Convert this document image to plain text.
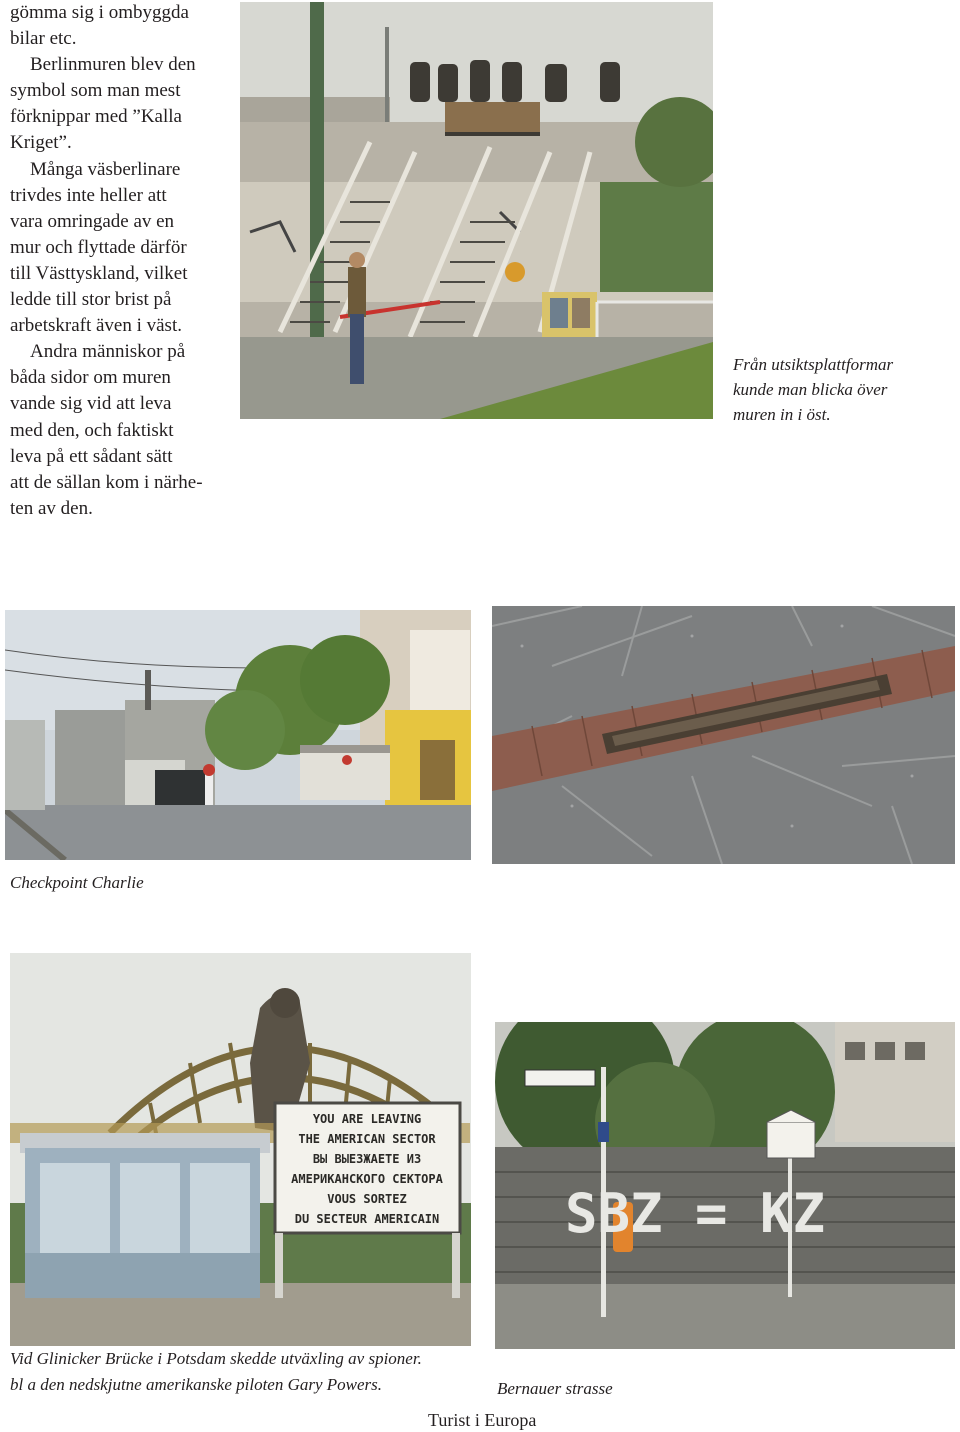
gömma sig i ombyggda

bilar etc.

Berlinmuren blev den

symbol som man mest

förknippar med ”Kalla

Kriget”.

Många väsberlinare

trivdes inte heller att

vara omringade av en

mur och flyttade därför

till Västtyskland, vilket

ledde till stor brist på

arbetskraft även i väst.

Andra människor på

båda sidor om muren

vande sig vid att leva

med den, och faktiskt

leva på ett sådant sätt

att de sällan kom i närhe-

ten av den.

Från utsiktsplattformar
kunde man blicka över
muren in i öst.
Checkpoint Charlie
YOU ARE LEAVING
THE AMERICAN SECTOR
ВЫ ВЫЕЗЖАЕТЕ ИЗ
АМЕРИКАНСКОГО СЕКТОРА
VOUS SORTEZ
DU SECTEUR AMERICAIN SBZ = KZ
Vid Glinicker Brücke i Potsdam skedde utväxling av spioner.
bl a den nedskjutne amerikanske piloten Gary Powers.	Bernauer strasse
Turist i Europa
